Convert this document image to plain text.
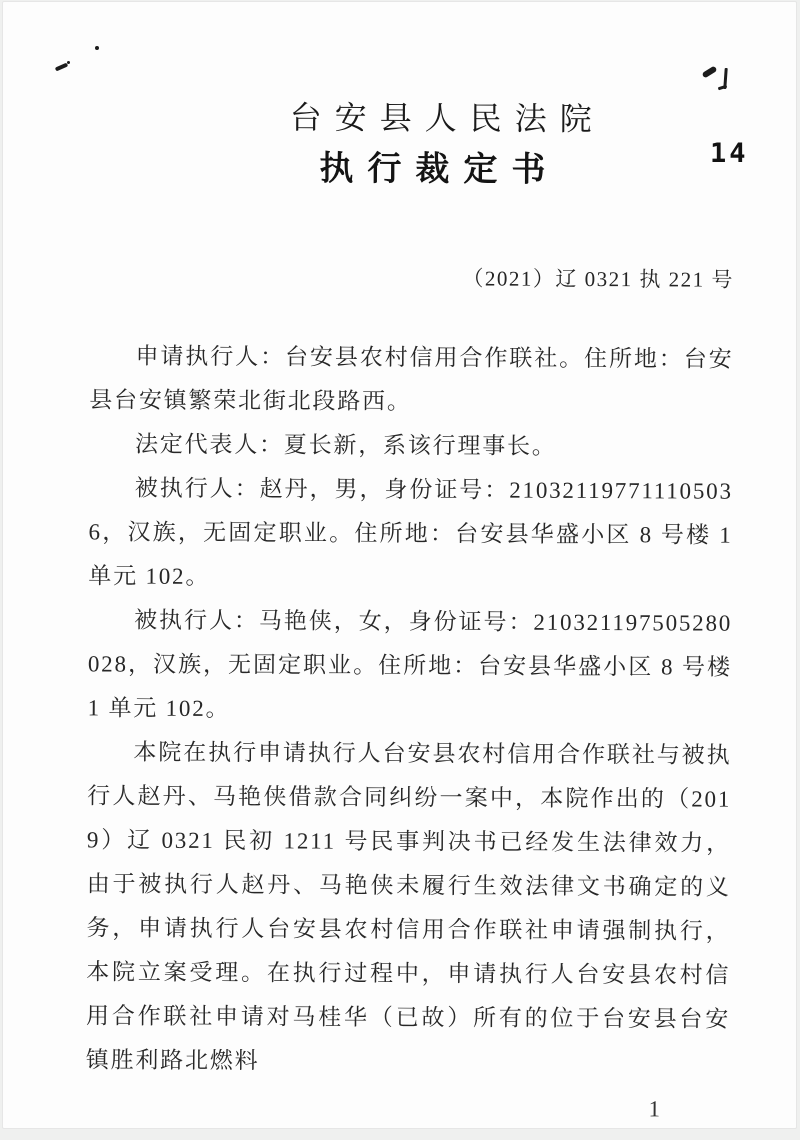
14
台安县人民法院
执行裁定书
（2021）辽 0321 执 221 号

申请执行人：台安县农村信用合作联社。住所地：台安县台安镇繁荣北街北段路西。

法定代表人：夏长新，系该行理事长。

被执行人：赵丹，男，身份证号：210321197711105036，汉族，无固定职业。住所地：台安县华盛小区 8 号楼 1 单元 102。

被执行人：马艳侠，女，身份证号：210321197505280028，汉族，无固定职业。住所地：台安县华盛小区 8 号楼 1 单元 102。

本院在执行申请执行人台安县农村信用合作联社与被执行人赵丹、马艳侠借款合同纠纷一案中，本院作出的（2019）辽 0321 民初 1211 号民事判决书已经发生法律效力，由于被执行人赵丹、马艳侠未履行生效法律文书确定的义务，申请执行人台安县农村信用合作联社申请强制执行，本院立案受理。在执行过程中，申请执行人台安县农村信用合作联社申请对马桂华（已故）所有的位于台安县台安镇胜利路北燃料

1
